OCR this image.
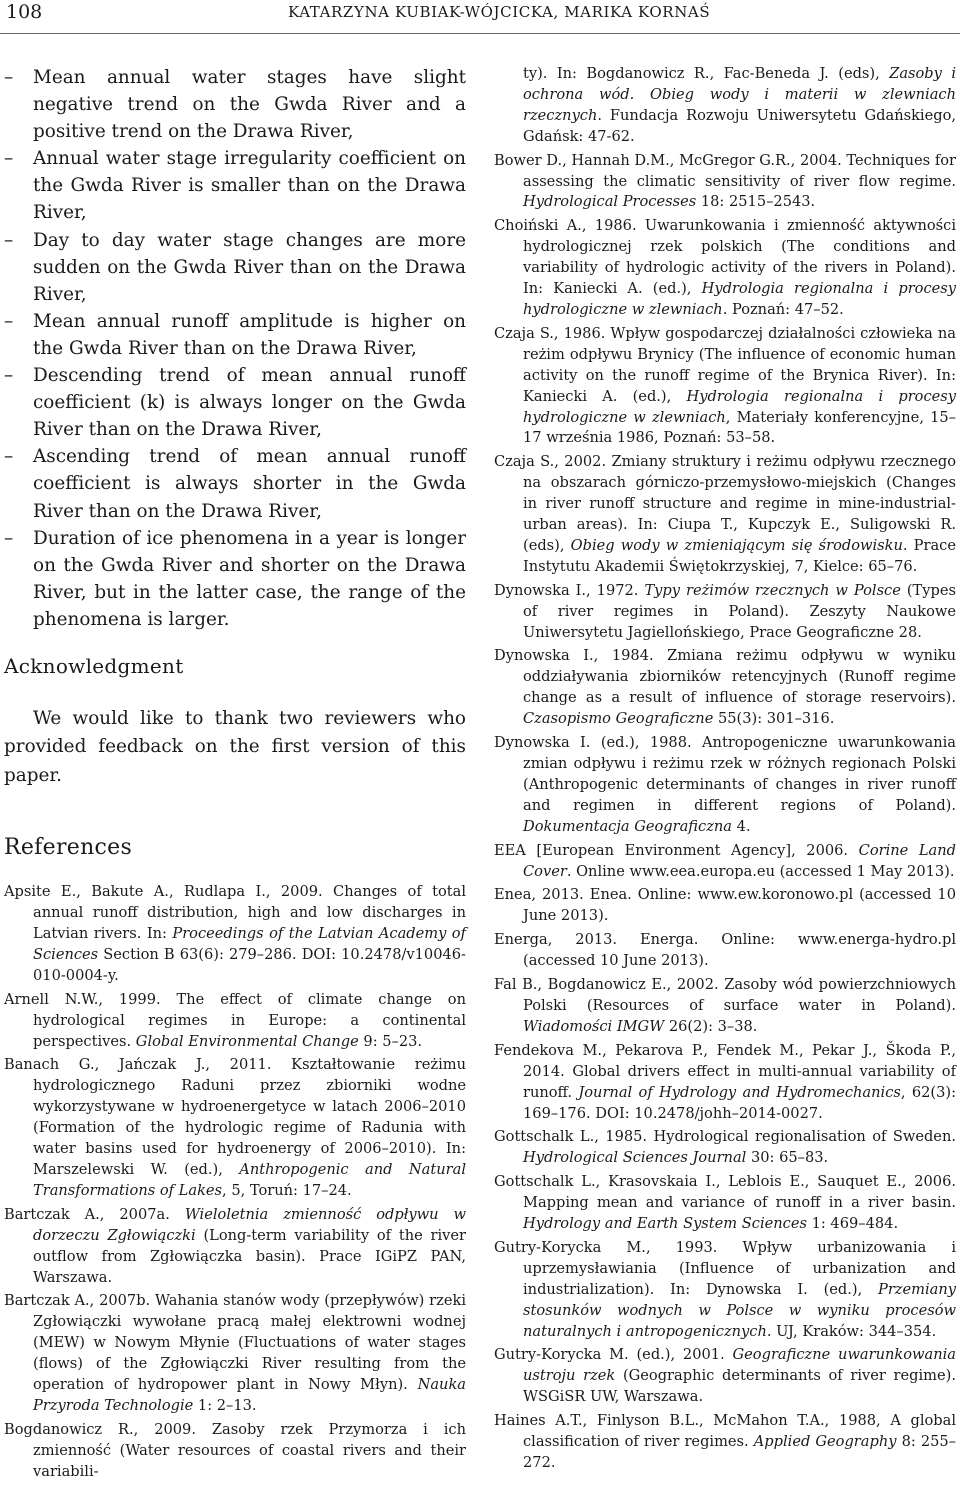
108	KATARZYNA KUBIAK-WÓJCICKA, MARIKA KORNAŚ
– Mean annual water stages have slight negative trend on the Gwda River and a positive trend on the Drawa River,
– Annual water stage irregularity coefficient on the Gwda River is smaller than on the Drawa River,
– Day to day water stage changes are more sudden on the Gwda River than on the Drawa River,
– Mean annual runoff amplitude is higher on the Gwda River than on the Drawa River,
– Descending trend of mean annual runoff coefficient (k) is always longer on the Gwda River than on the Drawa River,
– Ascending trend of mean annual runoff coefficient is always shorter in the Gwda River than on the Drawa River,
– Duration of ice phenomena in a year is longer on the Gwda River and shorter on the Drawa River, but in the latter case, the range of the phenomena is larger.
Acknowledgment

We would like to thank two reviewers who provided feedback on the first version of this paper.

References
Apsite E., Bakute A., Rudlapa I., 2009. Changes of total annual runoff distribution, high and low discharges in Latvian rivers. In: Proceedings of the Latvian Academy of Sciences Section B 63(6): 279–286. DOI: 10.2478/v10046-010-0004-y.
Arnell N.W., 1999. The effect of climate change on hydrological regimes in Europe: a continental perspectives. Global Environmental Change 9: 5–23.
Banach G., Jańczak J., 2011. Kształtowanie reżimu hydrologicznego Raduni przez zbiorniki wodne wykorzystywane w hydroenergetyce w latach 2006–2010 (Formation of the hydrologic regime of Radunia with water basins used for hydroenergy of 2006–2010). In: Marszelewski W. (ed.), Anthropogenic and Natural Transformations of Lakes, 5, Toruń: 17–24.
Bartczak A., 2007a. Wieloletnia zmienność odpływu w dorzeczu Zgłowiączki (Long-term variability of the river outflow from Zgłowiączka basin). Prace IGiPZ PAN, Warszawa.
Bartczak A., 2007b. Wahania stanów wody (przepływów) rzeki Zgłowiączki wywołane pracą małej elektrowni wodnej (MEW) w Nowym Młynie (Fluctuations of water stages (flows) of the Zgłowiączki River resulting from the operation of hydropower plant in Nowy Młyn). Nauka Przyroda Technologie 1: 2–13.
Bogdanowicz R., 2009. Zasoby rzek Przymorza i ich zmienność (Water resources of coastal rivers and their variabili-
ty). In: Bogdanowicz R., Fac-Beneda J. (eds), Zasoby i ochrona wód. Obieg wody i materii w zlewniach rzecznych. Fundacja Rozwoju Uniwersytetu Gdańskiego, Gdańsk: 47-62.
Bower D., Hannah D.M., McGregor G.R., 2004. Techniques for assessing the climatic sensitivity of river flow regime. Hydrological Processes 18: 2515–2543.
Choiński A., 1986. Uwarunkowania i zmienność aktywności hydrologicznej rzek polskich (The conditions and variability of hydrologic activity of the rivers in Poland). In: Kaniecki A. (ed.), Hydrologia regionalna i procesy hydrologiczne w zlewniach. Poznań: 47–52.
Czaja S., 1986. Wpływ gospodarczej działalności człowieka na reżim odpływu Brynicy (The influence of economic human activity on the runoff regime of the Brynica River). In: Kaniecki A. (ed.), Hydrologia regionalna i procesy hydrologiczne w zlewniach, Materiały konferencyjne, 15–17 września 1986, Poznań: 53–58.
Czaja S., 2002. Zmiany struktury i reżimu odpływu rzecznego na obszarach górniczo-przemysłowo-miejskich (Changes in river runoff structure and regime in mine-industrial-urban areas). In: Ciupa T., Kupczyk E., Suligowski R. (eds), Obieg wody w zmieniającym się środowisku. Prace Instytutu Akademii Świętokrzyskiej, 7, Kielce: 65–76.
Dynowska I., 1972. Typy reżimów rzecznych w Polsce (Types of river regimes in Poland). Zeszyty Naukowe Uniwersytetu Jagiellońskiego, Prace Geograficzne 28.
Dynowska I., 1984. Zmiana reżimu odpływu w wyniku oddziaływania zbiorników retencyjnych (Runoff regime change as a result of influence of storage reservoirs). Czasopismo Geograficzne 55(3): 301–316.
Dynowska I. (ed.), 1988. Antropogeniczne uwarunkowania zmian odpływu i reżimu rzek w różnych regionach Polski (Anthropogenic determinants of changes in river runoff and regimen in different regions of Poland). Dokumentacja Geograficzna 4.
EEA [European Environment Agency], 2006. Corine Land Cover. Online www.eea.europa.eu (accessed 1 May 2013).
Enea, 2013. Enea. Online: www.ew.koronowo.pl (accessed 10 June 2013).
Energa, 2013. Energa. Online: www.energa-hydro.pl (accessed 10 June 2013).
Fal B., Bogdanowicz E., 2002. Zasoby wód powierzchniowych Polski (Resources of surface water in Poland). Wiadomości IMGW 26(2): 3–38.
Fendekova M., Pekarova P., Fendek M., Pekar J., Škoda P., 2014. Global drivers effect in multi-annual variability of runoff. Journal of Hydrology and Hydromechanics, 62(3): 169–176. DOI: 10.2478/johh–2014-0027.
Gottschalk L., 1985. Hydrological regionalisation of Sweden. Hydrological Sciences Journal 30: 65–83.
Gottschalk L., Krasovskaia I., Leblois E., Sauquet E., 2006. Mapping mean and variance of runoff in a river basin. Hydrology and Earth System Sciences 1: 469–484.
Gutry-Korycka M., 1993. Wpływ urbanizowania i uprzemysławiania (Influence of urbanization and industrialization). In: Dynowska I. (ed.), Przemiany stosunków wodnych w Polsce w wyniku procesów naturalnych i antropogenicznych. UJ, Kraków: 344–354.
Gutry-Korycka M. (ed.), 2001. Geograficzne uwarunkowania ustroju rzek (Geographic determinants of river regime). WSGiSR UW, Warszawa.
Haines A.T., Finlyson B.L., McMahon T.A., 1988, A global classification of river regimes. Applied Geography 8: 255–272.
